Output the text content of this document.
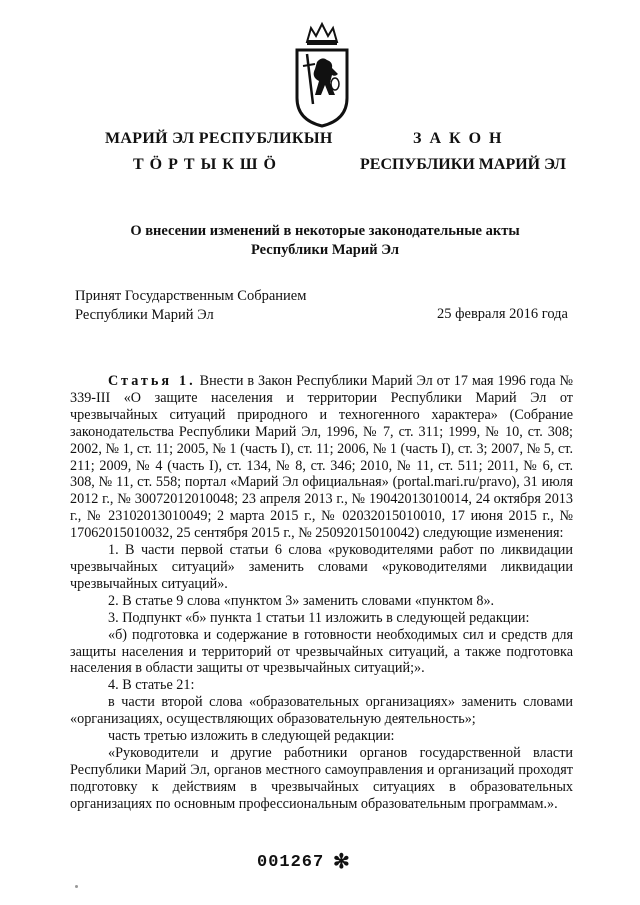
МАРИЙ ЭЛ РЕСПУБЛИКЫН
Т Ö Р Т Ы К Ш Ö
З А К О Н
РЕСПУБЛИКИ МАРИЙ ЭЛ
О внесении изменений в некоторые законодательные акты
Республики Марий Эл
Принят Государственным Собранием
Республики Марий Эл	25 февраля 2016 года

Статья 1. Внести в Закон Республики Марий Эл от 17 мая 1996 года № 339-III «О защите населения и территории Республики Марий Эл от чрезвычайных ситуаций природного и техногенного характера» (Собрание законодательства Республики Марий Эл, 1996, № 7, ст. 311; 1999, № 10, ст. 308; 2002, № 1, ст. 11; 2005, № 1 (часть I), ст. 11; 2006, № 1 (часть I), ст. 3; 2007, № 5, ст. 211; 2009, № 4 (часть I), ст. 134, № 8, ст. 346; 2010, № 11, ст. 511; 2011, № 6, ст. 308, № 11, ст. 558; портал «Марий Эл официальная» (portal.mari.ru/pravo), 31 июля 2012 г., № 30072012010048; 23 апреля 2013 г., № 19042013010014, 24 октября 2013 г., № 23102013010049; 2 марта 2015 г., № 02032015010010, 17 июня 2015 г., № 17062015010032, 25 сентября 2015 г., № 25092015010042) следующие изменения:

1. В части первой статьи 6 слова «руководителями работ по ликвидации чрезвычайных ситуаций» заменить словами «руководителями ликвидации чрезвычайных ситуаций».

2. В статье 9 слова «пунктом 3» заменить словами «пунктом 8».

3. Подпункт «б» пункта 1 статьи 11 изложить в следующей редакции:

«б) подготовка и содержание в готовности необходимых сил и средств для защиты населения и территорий от чрезвычайных ситуаций, а также подготовка населения в области защиты от чрезвычайных ситуаций;».

4. В статье 21:

в части второй слова «образовательных организациях» заменить словами «организациях, осуществляющих образовательную деятельность»;

часть третью изложить в следующей редакции:

«Руководители и другие работники органов государственной власти Республики Марий Эл, органов местного самоуправления и организаций проходят подготовку к действиям в чрезвычайных ситуациях в образовательных организациях по основным профессиональным образовательным программам.».

001267 ✻
